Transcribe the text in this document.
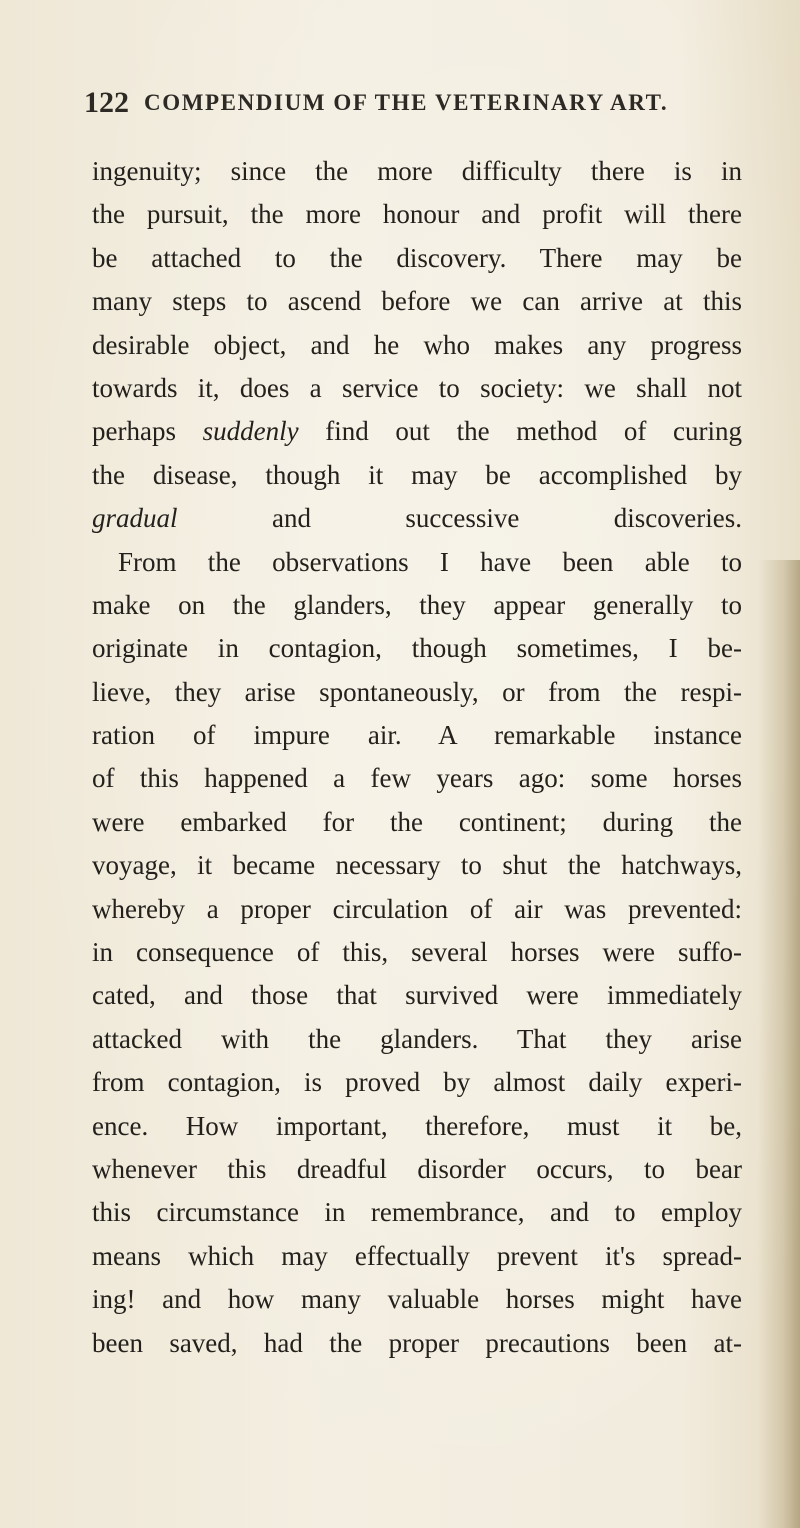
122 COMPENDIUM OF THE VETERINARY ART.
ingenuity; since the more difficulty there is in
the pursuit, the more honour and profit will there
be attached to the discovery. There may be
many steps to ascend before we can arrive at this
desirable object, and he who makes any progress
towards it, does a service to society: we shall not
perhaps suddenly find out the method of curing
the disease, though it may be accomplished by
gradual and successive discoveries.
From the observations I have been able to
make on the glanders, they appear generally to
originate in contagion, though sometimes, I be-
lieve, they arise spontaneously, or from the respi-
ration of impure air. A remarkable instance
of this happened a few years ago: some horses
were embarked for the continent; during the
voyage, it became necessary to shut the hatchways,
whereby a proper circulation of air was prevented:
in consequence of this, several horses were suffo-
cated, and those that survived were immediately
attacked with the glanders. That they arise
from contagion, is proved by almost daily experi-
ence. How important, therefore, must it be,
whenever this dreadful disorder occurs, to bear
this circumstance in remembrance, and to employ
means which may effectually prevent it's spread-
ing! and how many valuable horses might have
been saved, had the proper precautions been at-
